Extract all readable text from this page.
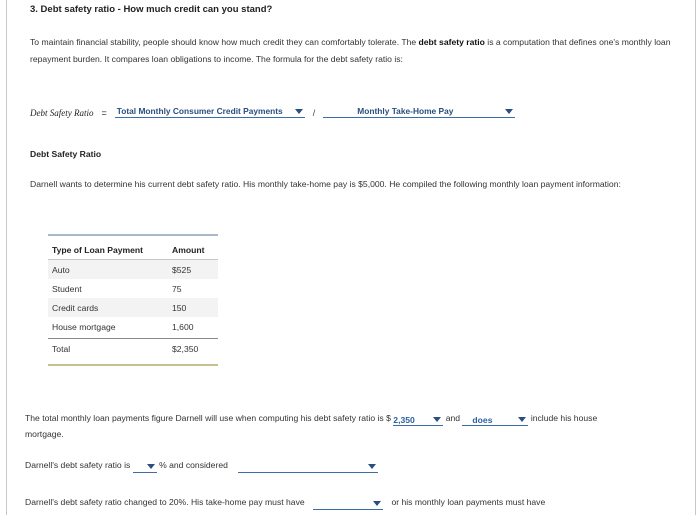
3. Debt safety ratio - How much credit can you stand?
To maintain financial stability, people should know how much credit they can comfortably tolerate. The debt safety ratio is a computation that defines one's monthly loan repayment burden. It compares loan obligations to income. The formula for the debt safety ratio is:
Debt Safety Ratio = Total Monthly Consumer Credit Payments	/	Monthly Take-Home Pay
Debt Safety Ratio
Darnell wants to determine his current debt safety ratio. His monthly take-home pay is $5,000. He compiled the following monthly loan payment information:
Type of Loan Payment	Amount
Auto	$525
Student	75
Credit cards	150
House mortgage	1,600
Total	$2,350
The total monthly loan payments figure Darnell will use when computing his debt safety ratio is $ 2,350	and does	include his house
mortgage.
Darnell's debt safety ratio is	% and considered
Darnell's debt safety ratio changed to 20%. His take-home pay must have	or his monthly loan payments must have
